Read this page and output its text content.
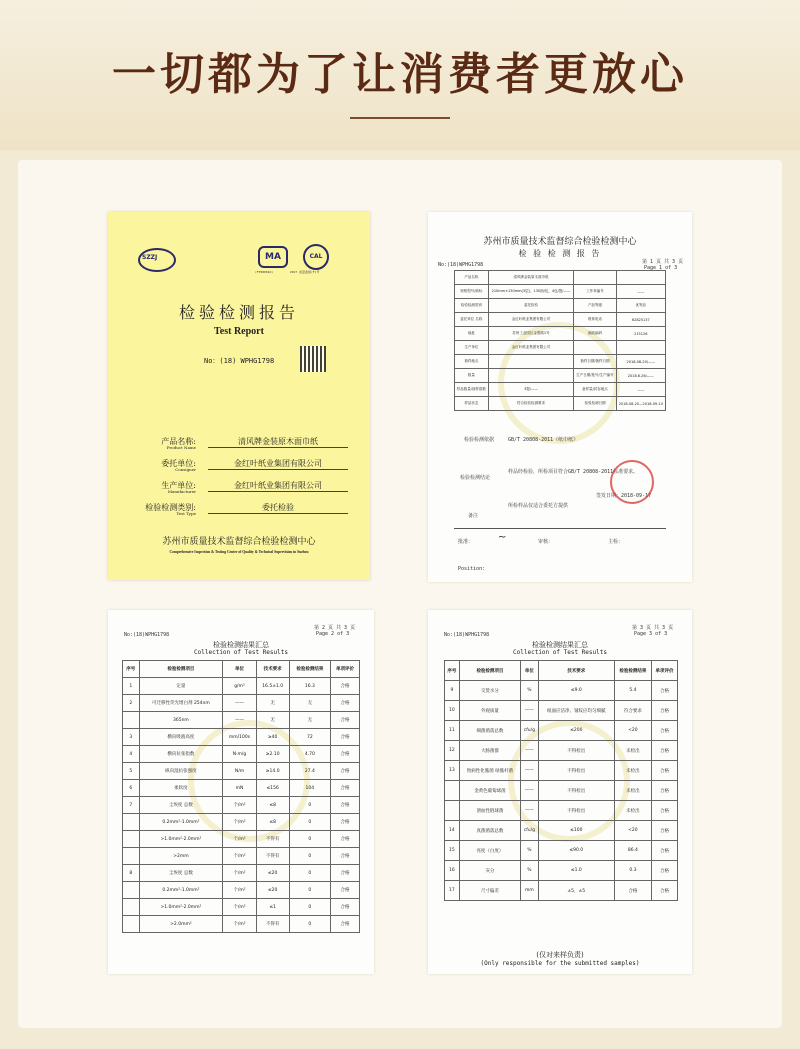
一切都为了让消费者更放心
SZZJ	MA	CAL
(FT080016)	2017 质量监督(F)号
检验检测报告
Test Report
No：(18) WPHG1798
产品名称:
Product Name
清风牌金装原木面巾纸
委托单位:
Consigner
金红叶纸业集团有限公司
生产单位:
Manufacturer
金红叶纸业集团有限公司
检验检测类别:
Test Type
委托检验
苏州市质量技术监督综合检验检测中心
Comprehensive Inspection & Testing Center of Quality & Technical Supervision in Suzhou
苏州市质量技术监督综合检验检测中心
检 验 检 测 报 告
No:(18)WPHG1798	第 1 页 共 3 页
Page 1 of 3
产品名称	清风牌金装原木面巾纸		
规格型号/商标	210mm×130mm(3层)、130抽/包，4包/提/——	工作单编号	——
检验检测类别	委托检验	产品等级	优等品
委托单位 名称	金红叶纸业集团有限公司	联系电话	62825137
地址	苏州工业园区金胜路1号	邮政编码	215126
生产单位	金红叶纸业集团有限公司		
抽样地点		抽样日期/抽样日期	2018-08-20/——
数量		生产日期/批号/生产编号	2018.6.26/——
样品数量/抽样基数	3提/——	备样量/封存地点	——
样品状态	符合检验检测要求	检验检测日期	2018-08-20—2018-09-14
检验检测依据	GB/T 20808-2011《纸巾纸》
检验检测结论
样品经检验，所检项目符合GB/T 20808-2011标准要求。
签发日期：2018-09-17
备注
所检样品仅适合委托方提供
批准： ~	审核：	主检：
Position:
第 2 页 共 3 页
Page 2 of 3
No:(18)WPHG1798
检验检测结果汇总
Collection of Test Results
序号	检验检测项目	单位	技术要求	检验检测结果	单项评价
1	定量	g/m²	16.5±1.0	16.3	合格
2	可迁移性荧光增白剂 254nm	——	无	无	合格
	365nm	——	无	无	合格
3	横向吸液高度	mm/100s	≥40	72	合格
4	横向抗张指数	N·m/g	≥2.10	4.70	合格
5	纵向湿抗张强度	N/m	≥14.0	27.4	合格
6	柔软度	mN	≤156	104	合格
7	尘埃度 总数	个/m²	≤8	0	合格
	0.2mm²-1.0mm²	个/m²	≤8	0	合格
	>1.0mm²-2.0mm²	个/m²	不得有	0	合格
	>2mm	个/m²	不得有	0	合格
8	尘埃度 总数	个/m²	≤20	0	合格
	0.2mm²-1.0mm²	个/m²	≤20	0	合格
	>1.0mm²-2.0mm²	个/m²	≤1	0	合格
	>2.0mm²	个/m²	不得有	0	合格
第 3 页 共 3 页
Page 3 of 3
No:(18)WPHG1798
检验检测结果汇总
Collection of Test Results
序号	检验检测项目	单位	技术要求	检验检测结果	单项评价
9	交货水分	%	≤9.0	5.4	合格
10	外观质量	——	纸面应洁净、皱纹应均匀细腻	符合要求	合格
11	细菌菌落总数	cfu/g	≤200	<20	合格
12	大肠菌群	——	不得检出	未检出	合格
13	致病性化脓菌 绿脓杆菌	——	不得检出	未检出	合格
	金黄色葡萄球菌	——	不得检出	未检出	合格
	溶血性链球菌	——	不得检出	未检出	合格
14	真菌菌落总数	cfu/g	≤100	<20	合格
15	亮度（白度）	%	≤90.0	86.4	合格
16	灰分	%	≤1.0	0.3	合格
17	尺寸偏差	mm	±5，±5	合格	合格
(仅对来样负责)
(Only responsible for the submitted samples)
